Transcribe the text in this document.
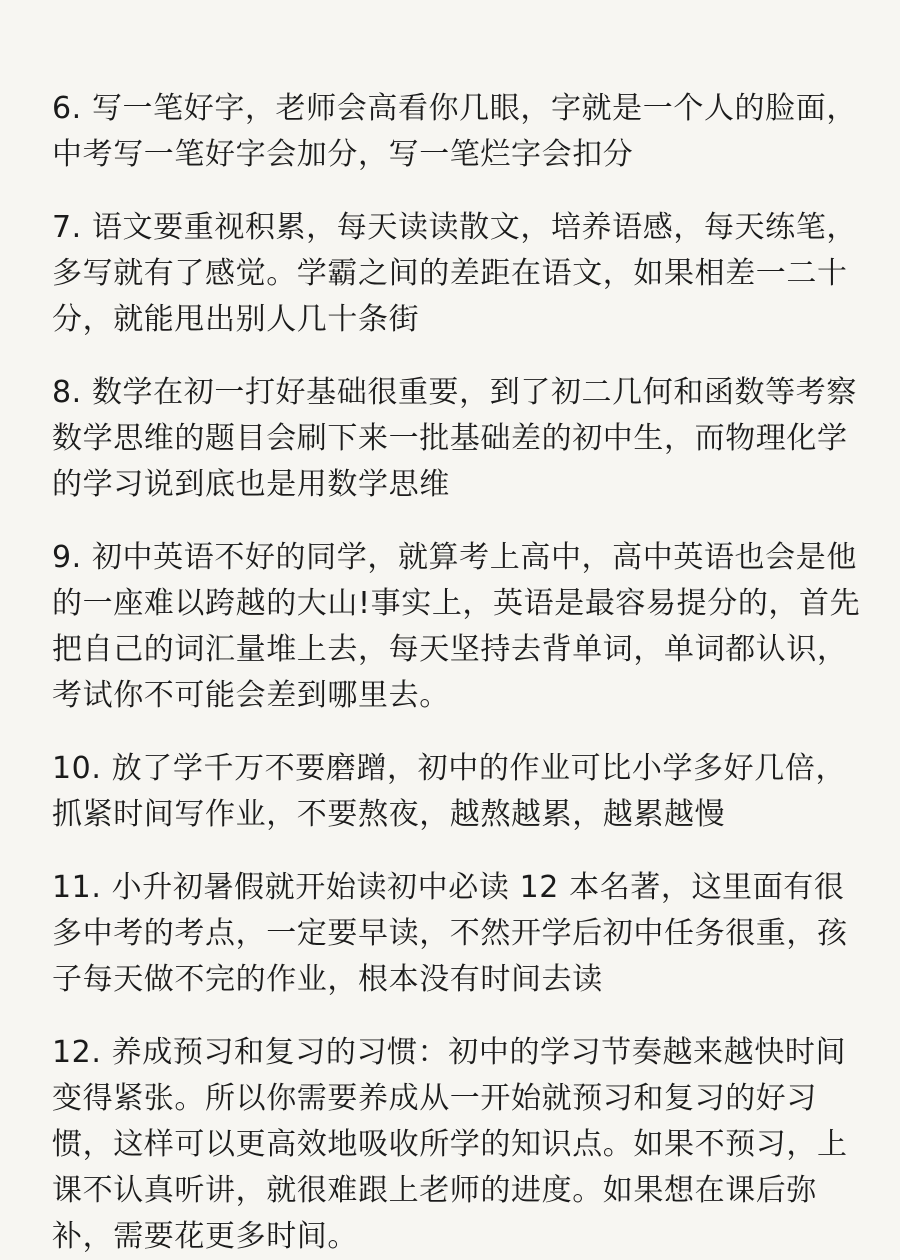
6. 写一笔好字，老师会高看你几眼，字就是一个人的脸面，中考写一笔好字会加分，写一笔烂字会扣分

7. 语文要重视积累，每天读读散文，培养语感，每天练笔，多写就有了感觉。学霸之间的差距在语文，如果相差一二十分，就能甩出别人几十条街

8. 数学在初一打好基础很重要，到了初二几何和函数等考察数学思维的题目会刷下来一批基础差的初中生，而物理化学的学习说到底也是用数学思维

9. 初中英语不好的同学，就算考上高中，高中英语也会是他的一座难以跨越的大山!事实上，英语是最容易提分的，首先把自己的词汇量堆上去，每天坚持去背单词，单词都认识，考试你不可能会差到哪里去。

10. 放了学千万不要磨蹭，初中的作业可比小学多好几倍，抓紧时间写作业，不要熬夜，越熬越累，越累越慢

11. 小升初暑假就开始读初中必读 12 本名著，这里面有很多中考的考点，一定要早读，不然开学后初中任务很重，孩子每天做不完的作业，根本没有时间去读

12. 养成预习和复习的习惯：初中的学习节奏越来越快时间变得紧张。所以你需要养成从一开始就预习和复习的好习惯，这样可以更高效地吸收所学的知识点。如果不预习，上课不认真听讲，就很难跟上老师的进度。如果想在课后弥补，需要花更多时间。
